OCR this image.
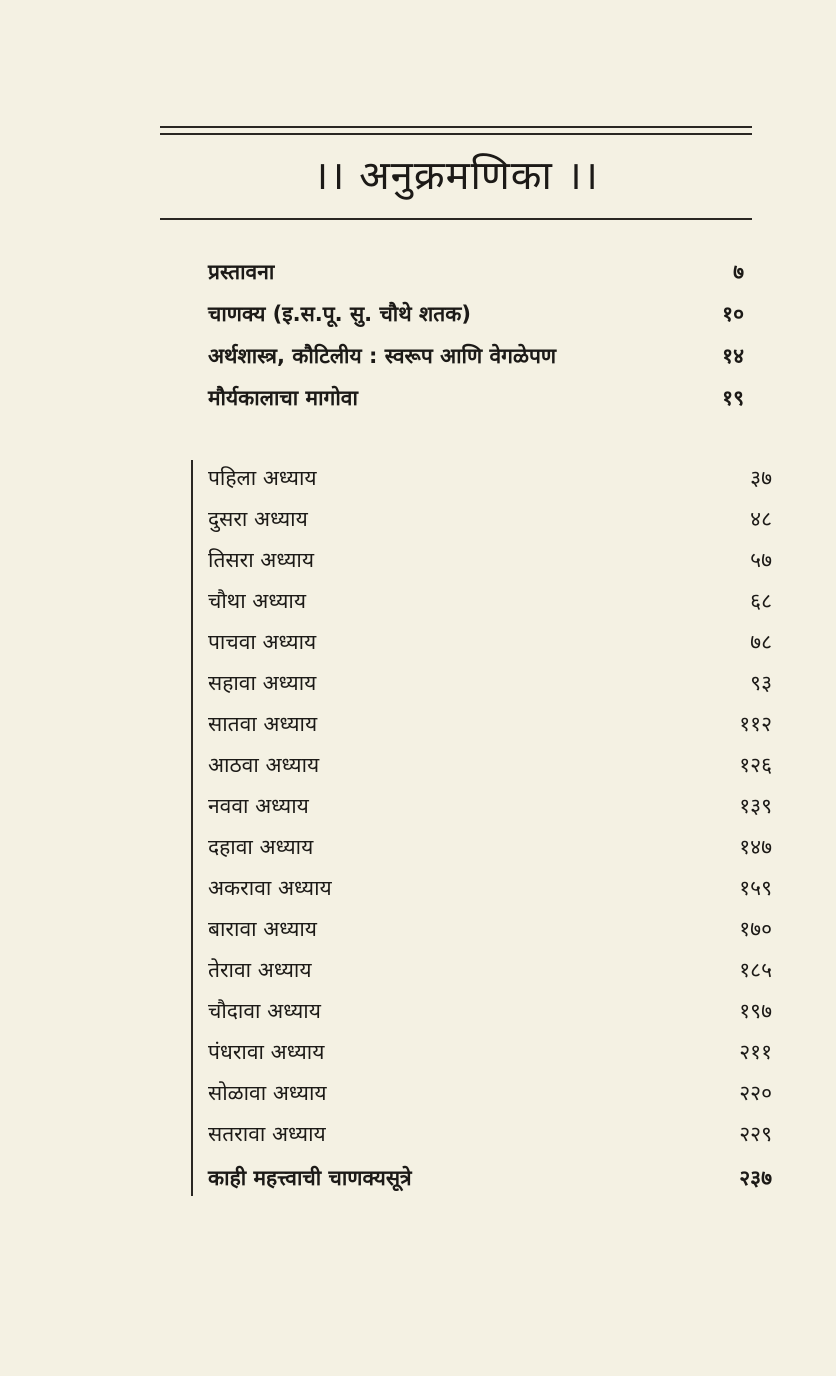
।। अनुक्रमणिका ।।
प्रस्तावना	७
चाणक्य (इ.स.पू. सु. चौथे शतक)	१०
अर्थशास्त्र, कौटिलीय : स्वरूप आणि वेगळेपण	१४
मौर्यकालाचा मागोवा	१९
पहिला अध्याय	३७
दुसरा अध्याय	४८
तिसरा अध्याय	५७
चौथा अध्याय	६८
पाचवा अध्याय	७८
सहावा अध्याय	९३
सातवा अध्याय	११२
आठवा अध्याय	१२६
नववा अध्याय	१३९
दहावा अध्याय	१४७
अकरावा अध्याय	१५९
बारावा अध्याय	१७०
तेरावा अध्याय	१८५
चौदावा अध्याय	१९७
पंधरावा अध्याय	२११
सोळावा अध्याय	२२०
सतरावा अध्याय	२२९
काही महत्त्वाची चाणक्यसूत्रे	२३७
